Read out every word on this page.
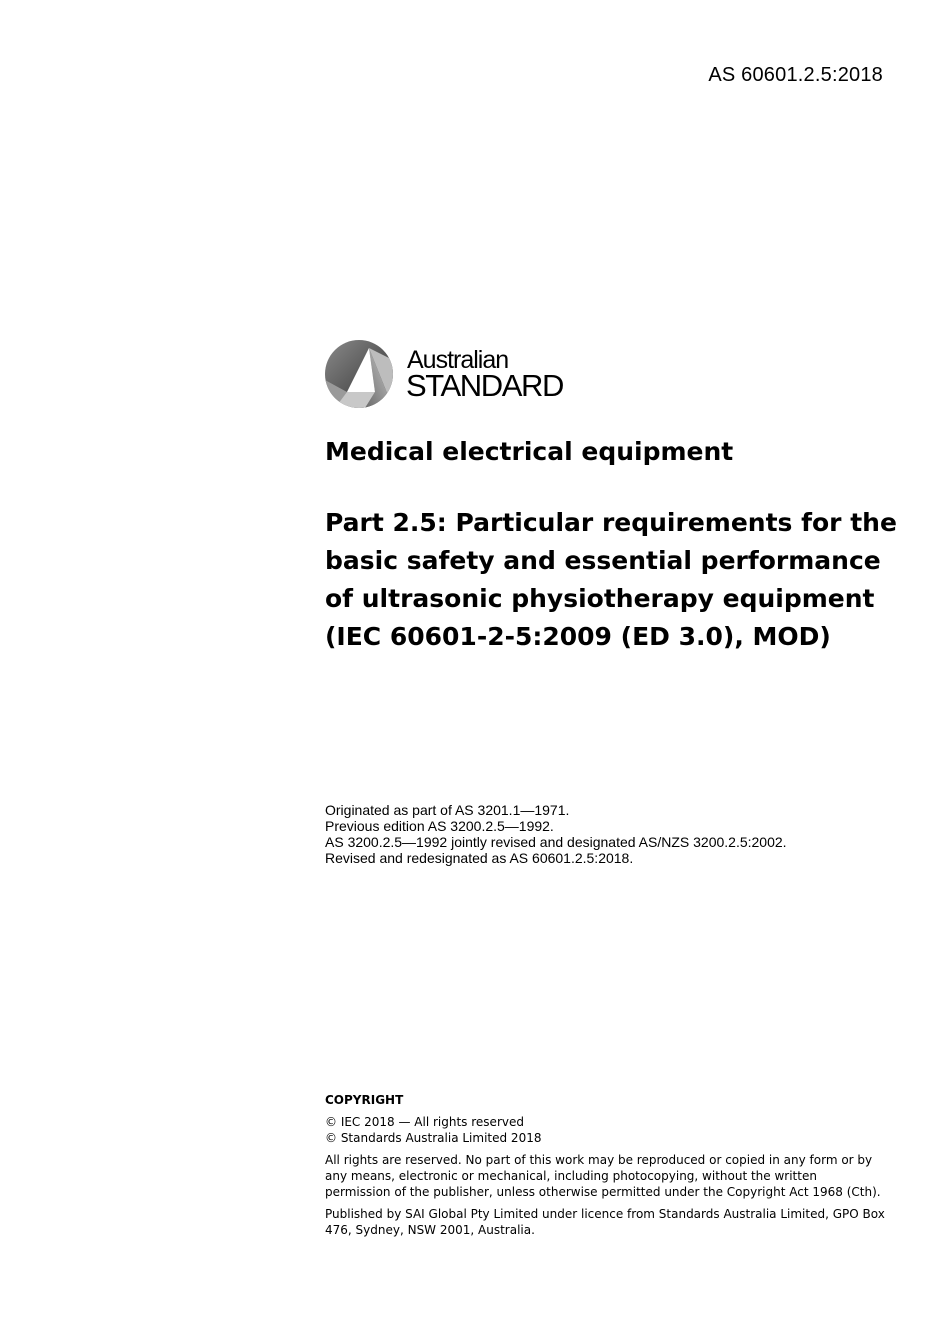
AS 60601.2.5:2018
Australian
STANDARD
Medical electrical equipment
Part 2.5: Particular requirements for the basic safety and essential performance of ultrasonic physiotherapy equipment (IEC 60601-2-5:2009 (ED 3.0), MOD)
Originated as part of AS 3201.1—1971.
Previous edition AS 3200.2.5—1992.
AS 3200.2.5—1992 jointly revised and designated AS/NZS 3200.2.5:2002.
Revised and redesignated as AS 60601.2.5:2018.
COPYRIGHT

© IEC 2018 — All rights reserved
© Standards Australia Limited 2018

All rights are reserved. No part of this work may be reproduced or copied in any form or by any means, electronic or mechanical, including photocopying, without the written permission of the publisher, unless otherwise permitted under the Copyright Act 1968 (Cth).

Published by SAI Global Pty Limited under licence from Standards Australia Limited, GPO Box 476, Sydney, NSW 2001, Australia.
